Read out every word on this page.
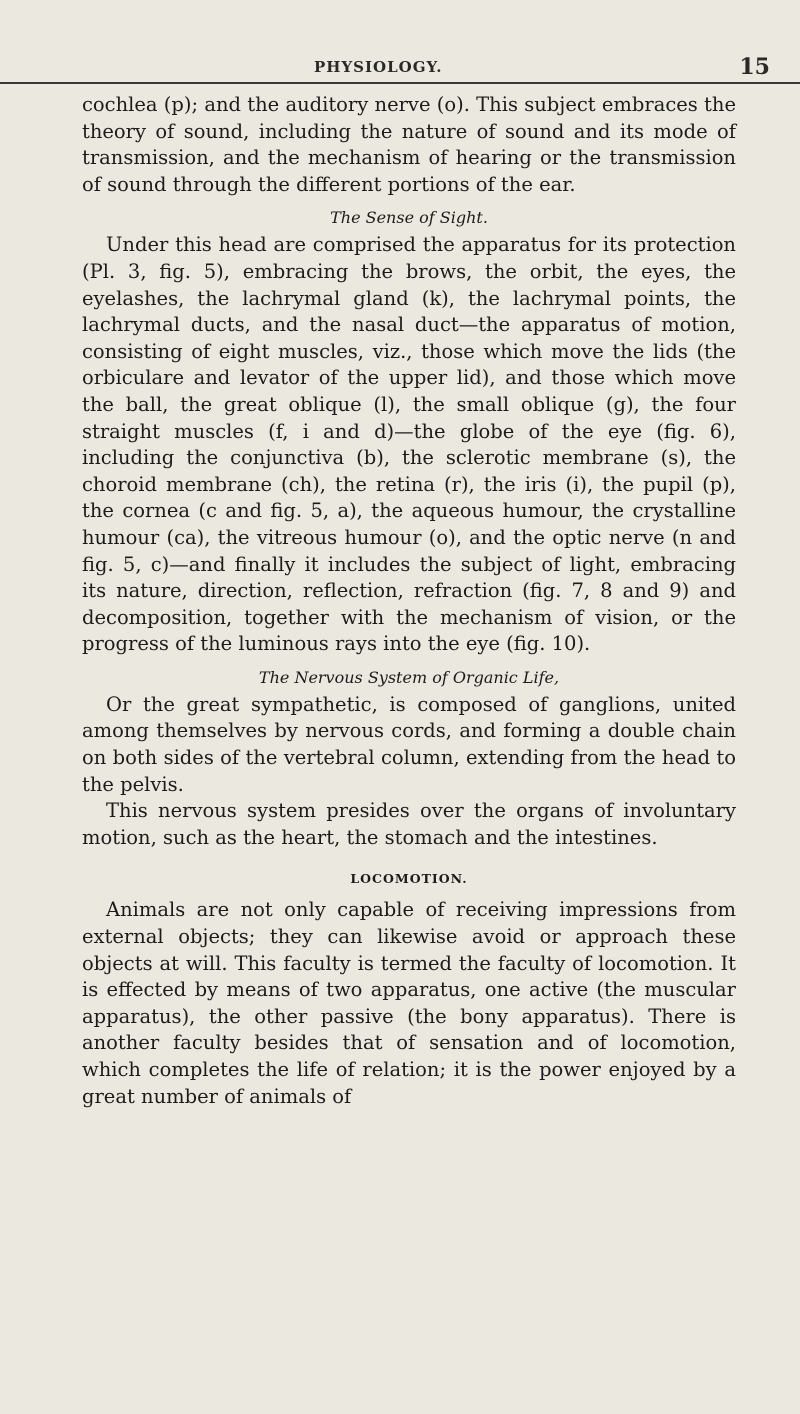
PHYSIOLOGY.	15

cochlea (p); and the auditory nerve (o). This subject embraces the theory of sound, including the nature of sound and its mode of transmission, and the mechanism of hearing or the transmission of sound through the different portions of the ear.

The Sense of Sight.

Under this head are comprised the apparatus for its protection (Pl. 3, fig. 5), embracing the brows, the orbit, the eyes, the eyelashes, the lachrymal gland (k), the lachrymal points, the lachrymal ducts, and the nasal duct—the apparatus of motion, consisting of eight muscles, viz., those which move the lids (the orbiculare and levator of the upper lid), and those which move the ball, the great oblique (l), the small oblique (g), the four straight muscles (f, i and d)—the globe of the eye (fig. 6), including the conjunctiva (b), the sclerotic membrane (s), the choroid membrane (ch), the retina (r), the iris (i), the pupil (p), the cornea (c and fig. 5, a), the aqueous humour, the crystalline humour (ca), the vitreous humour (o), and the optic nerve (n and fig. 5, c)—and finally it includes the subject of light, embracing its nature, direction, reflection, refraction (fig. 7, 8 and 9) and decomposition, together with the mechanism of vision, or the progress of the luminous rays into the eye (fig. 10).

The Nervous System of Organic Life,

Or the great sympathetic, is composed of ganglions, united among themselves by nervous cords, and forming a double chain on both sides of the vertebral column, extending from the head to the pelvis.

This nervous system presides over the organs of involuntary motion, such as the heart, the stomach and the intestines.

LOCOMOTION.

Animals are not only capable of receiving impressions from external objects; they can likewise avoid or approach these objects at will. This faculty is termed the faculty of locomotion. It is effected by means of two apparatus, one active (the muscular apparatus), the other passive (the bony apparatus). There is another faculty besides that of sensation and of locomotion, which completes the life of relation; it is the power enjoyed by a great number of animals of
